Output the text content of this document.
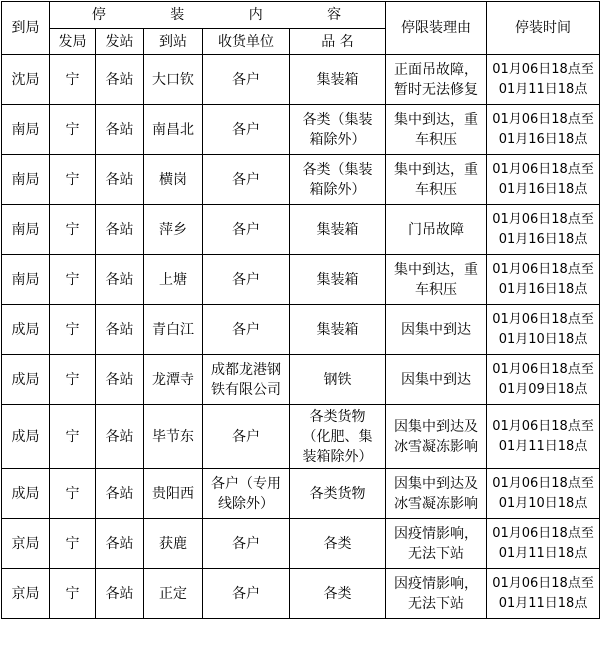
到局	停 装 内 容					停限装理由	停装时间
	发局	发站	到站	收货单位	品 名		
沈局	宁	各站	大口钦	各户	集装箱	正面吊故障，
暂时无法修复	01月06日18点至
01月11日18点
南局	宁	各站	南昌北	各户	各类（集装
箱除外）	集中到达，重
车积压	01月06日18点至
01月16日18点
南局	宁	各站	横岗	各户	各类（集装
箱除外）	集中到达，重
车积压	01月06日18点至
01月16日18点
南局	宁	各站	萍乡	各户	集装箱	门吊故障	01月06日18点至
01月16日18点
南局	宁	各站	上塘	各户	集装箱	集中到达，重
车积压	01月06日18点至
01月16日18点
成局	宁	各站	青白江	各户	集装箱	因集中到达	01月06日18点至
01月10日18点
成局	宁	各站	龙潭寺	成都龙港钢
铁有限公司	钢铁	因集中到达	01月06日18点至
01月09日18点
成局	宁	各站	毕节东	各户	各类货物
（化肥、集
装箱除外）	因集中到达及
冰雪凝冻影响	01月06日18点至
01月11日18点
成局	宁	各站	贵阳西	各户（专用
线除外）	各类货物	因集中到达及
冰雪凝冻影响	01月06日18点至
01月10日18点
京局	宁	各站	获鹿	各户	各类	因疫情影响，
无法下站	01月06日18点至
01月11日18点
京局	宁	各站	正定	各户	各类	因疫情影响，
无法下站	01月06日18点至
01月11日18点
